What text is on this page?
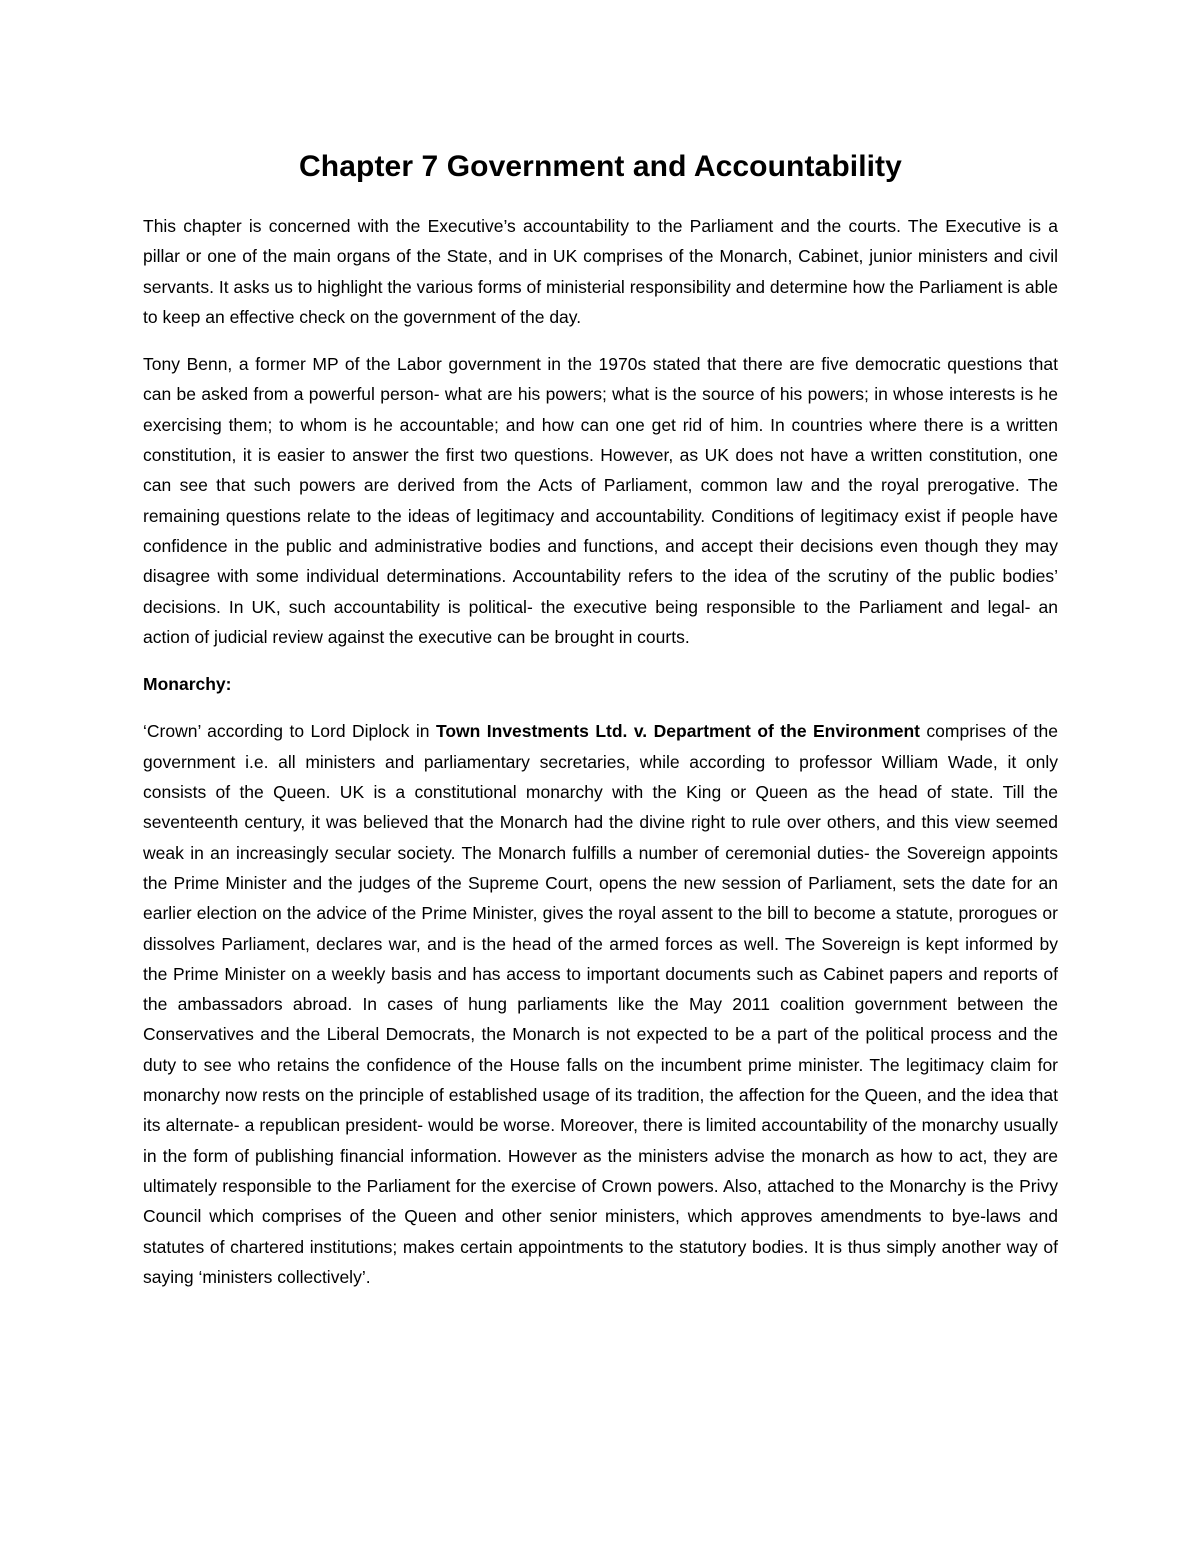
Chapter 7 Government and Accountability

This chapter is concerned with the Executive’s accountability to the Parliament and the courts. The Executive is a pillar or one of the main organs of the State, and in UK comprises of the Monarch, Cabinet, junior ministers and civil servants. It asks us to highlight the various forms of ministerial responsibility and determine how the Parliament is able to keep an effective check on the government of the day.

Tony Benn, a former MP of the Labor government in the 1970s stated that there are five democratic questions that can be asked from a powerful person- what are his powers; what is the source of his powers; in whose interests is he exercising them; to whom is he accountable; and how can one get rid of him. In countries where there is a written constitution, it is easier to answer the first two questions. However, as UK does not have a written constitution, one can see that such powers are derived from the Acts of Parliament, common law and the royal prerogative. The remaining questions relate to the ideas of legitimacy and accountability. Conditions of legitimacy exist if people have confidence in the public and administrative bodies and functions, and accept their decisions even though they may disagree with some individual determinations. Accountability refers to the idea of the scrutiny of the public bodies’ decisions. In UK, such accountability is political- the executive being responsible to the Parliament and legal- an action of judicial review against the executive can be brought in courts.

Monarchy:

‘Crown’ according to Lord Diplock in Town Investments Ltd. v. Department of the Environment comprises of the government i.e. all ministers and parliamentary secretaries, while according to professor William Wade, it only consists of the Queen. UK is a constitutional monarchy with the King or Queen as the head of state. Till the seventeenth century, it was believed that the Monarch had the divine right to rule over others, and this view seemed weak in an increasingly secular society. The Monarch fulfills a number of ceremonial duties- the Sovereign appoints the Prime Minister and the judges of the Supreme Court, opens the new session of Parliament, sets the date for an earlier election on the advice of the Prime Minister, gives the royal assent to the bill to become a statute, prorogues or dissolves Parliament, declares war, and is the head of the armed forces as well. The Sovereign is kept informed by the Prime Minister on a weekly basis and has access to important documents such as Cabinet papers and reports of the ambassadors abroad. In cases of hung parliaments like the May 2011 coalition government between the Conservatives and the Liberal Democrats, the Monarch is not expected to be a part of the political process and the duty to see who retains the confidence of the House falls on the incumbent prime minister. The legitimacy claim for monarchy now rests on the principle of established usage of its tradition, the affection for the Queen, and the idea that its alternate- a republican president- would be worse. Moreover, there is limited accountability of the monarchy usually in the form of publishing financial information. However as the ministers advise the monarch as how to act, they are ultimately responsible to the Parliament for the exercise of Crown powers. Also, attached to the Monarchy is the Privy Council which comprises of the Queen and other senior ministers, which approves amendments to bye-laws and statutes of chartered institutions; makes certain appointments to the statutory bodies. It is thus simply another way of saying ‘ministers collectively’.
